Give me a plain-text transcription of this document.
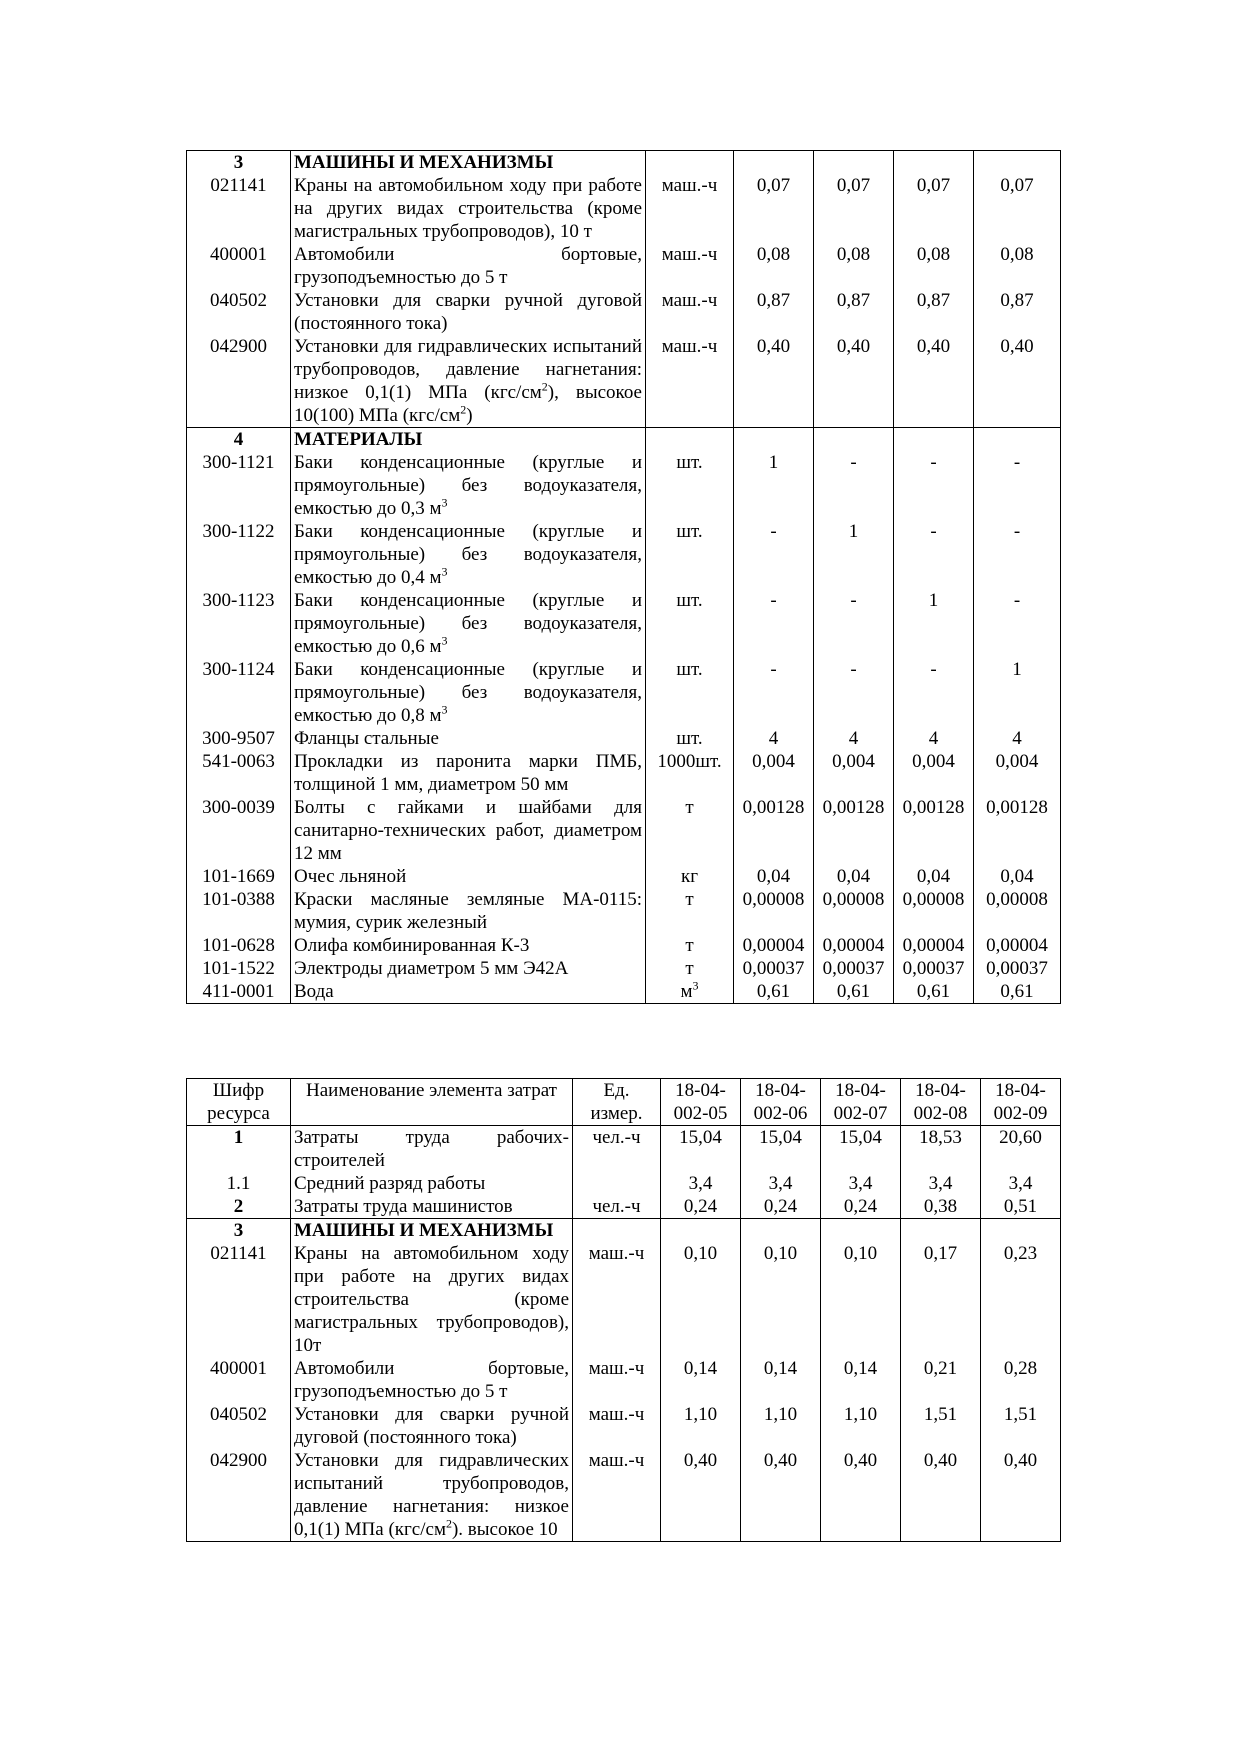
3	МАШИНЫ И МЕХАНИЗМЫ					
021141	Краны на автомобильном ходу при работе на других видах строительства (кроме магистральных трубопроводов), 10 т	маш.-ч	0,07	0,07	0,07	0,07
400001	Автомобили бортовые, грузоподъемностью до 5 т	маш.-ч	0,08	0,08	0,08	0,08
040502	Установки для сварки ручной дуговой (постоянного тока)	маш.-ч	0,87	0,87	0,87	0,87
042900	Установки для гидравлических испытаний трубопроводов, давление нагнетания: низкое 0,1(1) МПа $(кгс/см^2)$, высокое 10(100) МПа $(кгс/см^2)$	маш.-ч	0,40	0,40	0,40	0,40
4	МАТЕРИАЛЫ					
300-1121	Баки конденсационные (круглые и прямоугольные) без водоуказателя, емкостью до 0,3 $м^3$	шт.	1	-	-	-
300-1122	Баки конденсационные (круглые и прямоугольные) без водоуказателя, емкостью до 0,4 $м^3$	шт.	-	1	-	-
300-1123	Баки конденсационные (круглые и прямоугольные) без водоуказателя, емкостью до 0,6 $м^3$	шт.	-	-	1	-
300-1124	Баки конденсационные (круглые и прямоугольные) без водоуказателя, емкостью до 0,8 $м^3$	шт.	-	-	-	1
300-9507	Фланцы стальные	шт.	4	4	4	4
541-0063	Прокладки из паронита марки ПМБ, толщиной 1 мм, диаметром 50 мм	1000шт.	0,004	0,004	0,004	0,004
300-0039	Болты с гайками и шайбами для санитарно-технических работ, диаметром 12 мм	т	0,00128	0,00128	0,00128	0,00128
101-1669	Очес льняной	кг	0,04	0,04	0,04	0,04
101-0388	Краски масляные земляные МА-0115: мумия, сурик железный	т	0,00008	0,00008	0,00008	0,00008
101-0628	Олифа комбинированная К-3	т	0,00004	0,00004	0,00004	0,00004
101-1522	Электроды диаметром 5 мм Э42А	т	0,00037	0,00037	0,00037	0,00037
411-0001	Вода	$м^3$	0,61	0,61	0,61	0,61
Шифр ресурса	Наименование элемента затрат	Ед. измер.	18-04-002-05	18-04-002-06	18-04-002-07	18-04-002-08	18-04-002-09
1	Затраты труда рабочих-строителей	чел.-ч	15,04	15,04	15,04	18,53	20,60
1.1	Средний разряд работы		3,4	3,4	3,4	3,4	3,4
2	Затраты труда машинистов	чел.-ч	0,24	0,24	0,24	0,38	0,51
3	МАШИНЫ И МЕХАНИЗМЫ						
021141	Краны на автомобильном ходу при работе на других видах строительства (кроме магистральных трубопроводов), 10т	маш.-ч	0,10	0,10	0,10	0,17	0,23
400001	Автомобили бортовые, грузоподъемностью до 5 т	маш.-ч	0,14	0,14	0,14	0,21	0,28
040502	Установки для сварки ручной дуговой (постоянного тока)	маш.-ч	1,10	1,10	1,10	1,51	1,51
042900	Установки для гидравлических испытаний трубопроводов, давление нагнетания: низкое 0,1(1) МПа $(кгс/см^2)$. высокое 10	маш.-ч	0,40	0,40	0,40	0,40	0,40
